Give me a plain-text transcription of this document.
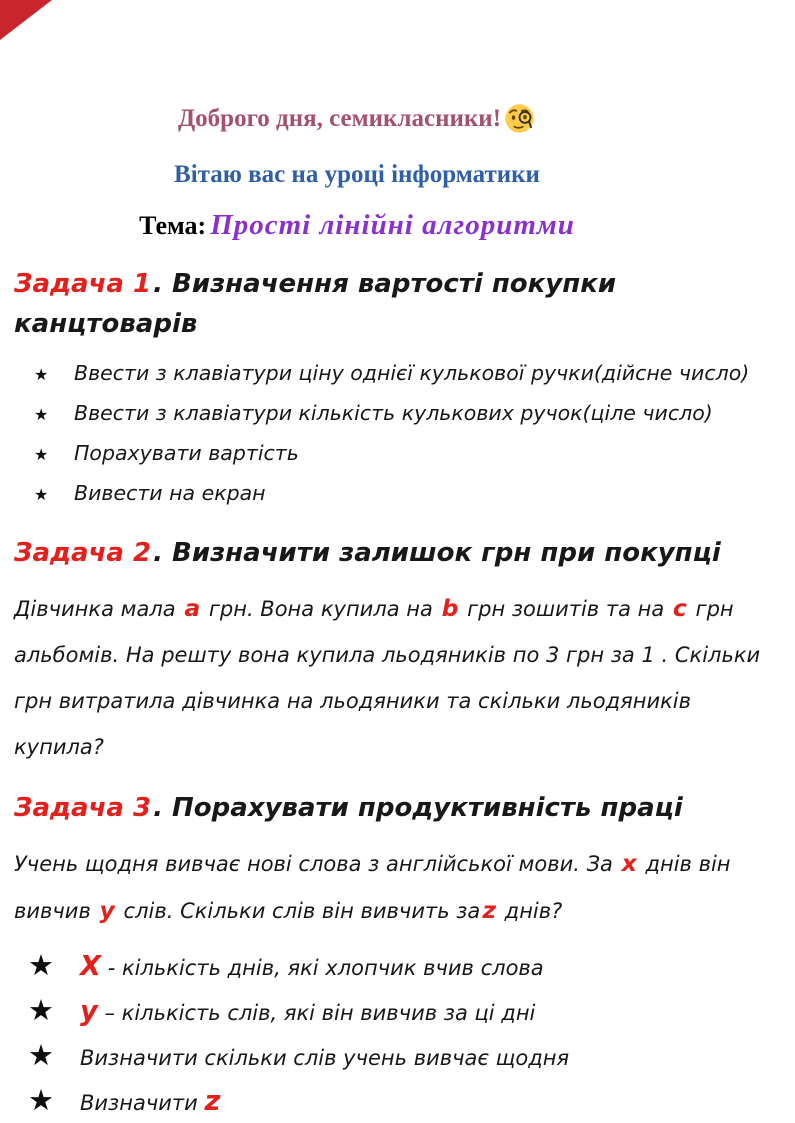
Доброго дня, семикласники!
Вітаю вас на уроці інформатики
Тема: Прості лінійні алгоритми
Задача 1. Визначення вартості покупки канцтоварів
★	Ввести з клавіатури ціну однієї кулькової ручки(дійсне число)
★	Ввести з клавіатури кількість кулькових ручок(ціле число)
★	Порахувати вартість
★	Вивести на екран
Задача 2. Визначити залишок грн при покупці

Дівчинка мала a грн. Вона купила на b грн зошитів та на c грн альбомів. На решту вона купила льодяників по 3 грн за 1 . Скільки грн витратила дівчинка на льодяники та скільки льодяників купила?

Задача 3. Порахувати продуктивність праці

Учень щодня вивчає нові слова з англійської мови. За x днів він вивчив y слів. Скільки слів він вивчить заz днів?

★ X - кількість днів, які хлопчик вчив слова
★ y – кількість слів, які він вивчив за ці дні
★	Визначити скільки слів учень вивчає щодня
★	Визначити z
